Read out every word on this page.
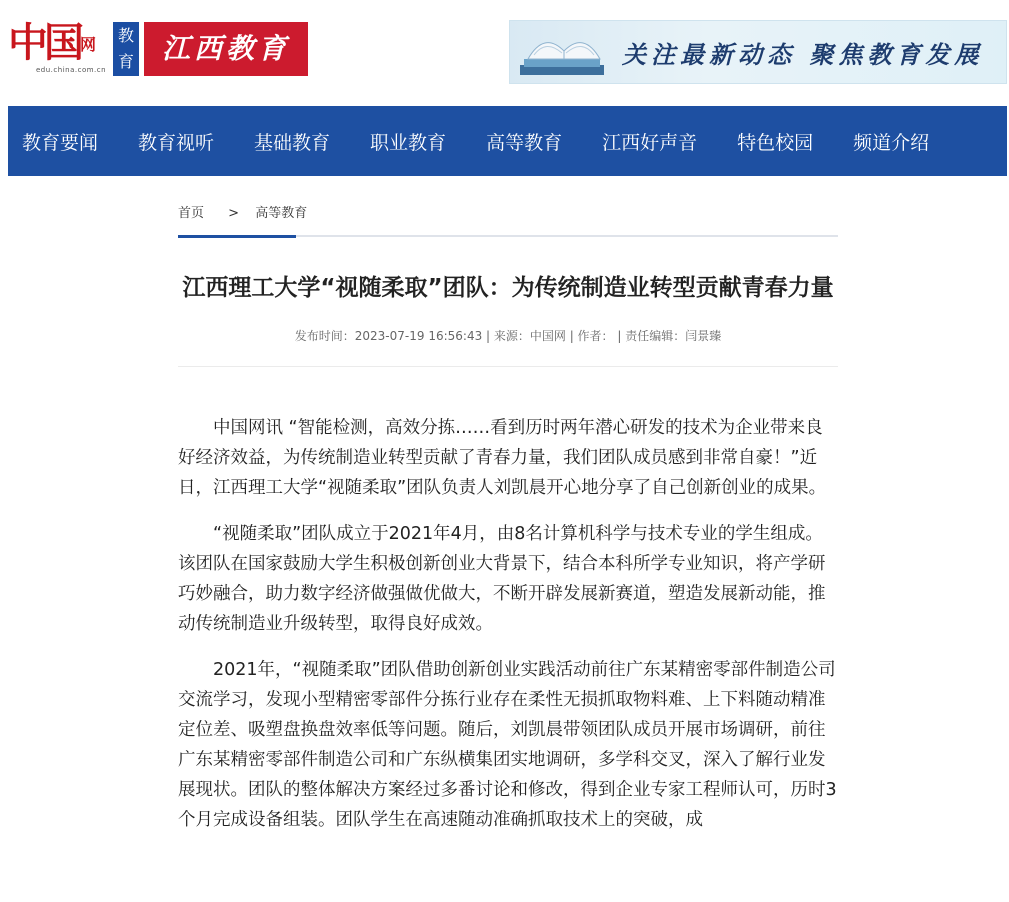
中国 网
edu.china.com.cn
教育 江西教育	关注最新动态 聚焦教育发展
教育要闻 教育视听 基础教育 职业教育 高等教育 江西好声音 特色校园 频道介绍
首页 > 高等教育
江西理工大学“视随柔取”团队：为传统制造业转型贡献青春力量
发布时间：2023-07-19 16:56:43 | 来源：中国网 | 作者： | 责任编辑：闫景臻

中国网讯 “智能检测，高效分拣……看到历时两年潜心研发的技术为企业带来良好经济效益，为传统制造业转型贡献了青春力量，我们团队成员感到非常自豪！”近日，江西理工大学“视随柔取”团队负责人刘凯晨开心地分享了自己创新创业的成果。

“视随柔取”团队成立于2021年4月，由8名计算机科学与技术专业的学生组成。该团队在国家鼓励大学生积极创新创业大背景下，结合本科所学专业知识，将产学研巧妙融合，助力数字经济做强做优做大，不断开辟发展新赛道，塑造发展新动能，推动传统制造业升级转型，取得良好成效。

2021年，“视随柔取”团队借助创新创业实践活动前往广东某精密零部件制造公司交流学习，发现小型精密零部件分拣行业存在柔性无损抓取物料难、上下料随动精准定位差、吸塑盘换盘效率低等问题。随后，刘凯晨带领团队成员开展市场调研，前往广东某精密零部件制造公司和广东纵横集团实地调研，多学科交叉，深入了解行业发展现状。团队的整体解决方案经过多番讨论和修改，得到企业专家工程师认可，历时3个月完成设备组装。团队学生在高速随动准确抓取技术上的突破，成
